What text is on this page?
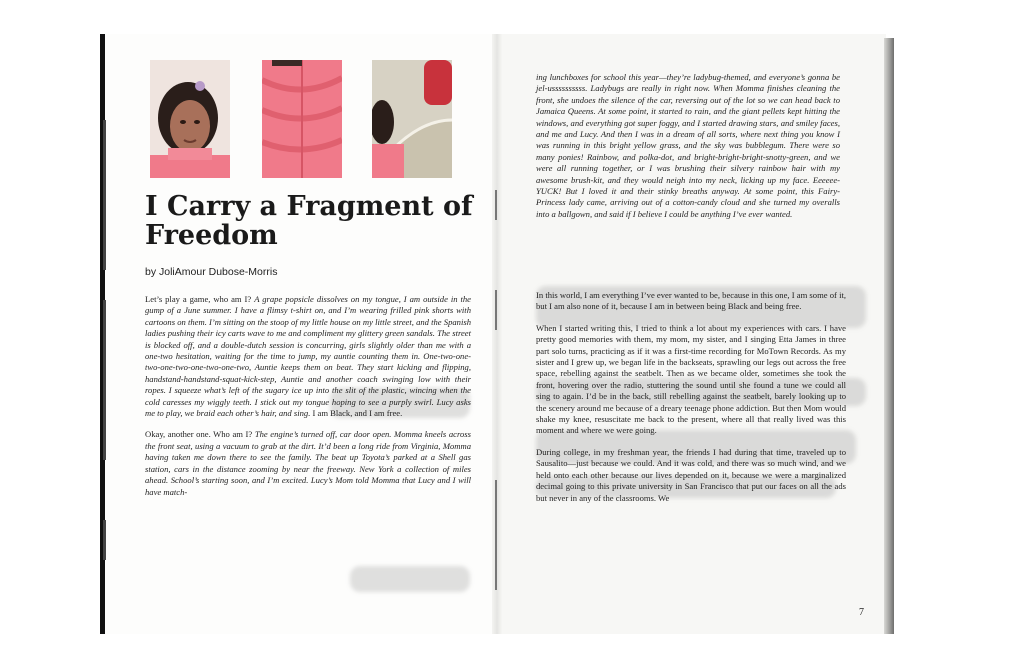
I Carry a Fragment of Freedom
by JoliAmour Dubose-Morris

Let’s play a game, who am I? A grape popsicle dissolves on my tongue, I am outside in the gump of a June summer. I have a flimsy t-shirt on, and I’m wearing frilled pink shorts with cartoons on them. I’m sitting on the stoop of my little house on my little street, and the Spanish ladies pushing their icy carts wave to me and compliment my glittery green sandals. The street is blocked off, and a double-dutch session is concurring, girls slightly older than me with a one-two hesitation, waiting for the time to jump, my auntie counting them in. One-two-one-two-one-two-one-two-one-two, Auntie keeps them on beat. They start kicking and flipping, handstand-handstand-squat-kick-step, Auntie and another coach swinging low with their ropes. I squeeze what’s left of the sugary ice up into the slit of the plastic, wincing when the cold caresses my wiggly teeth. I stick out my tongue hoping to see a purply swirl. Lucy asks me to play, we braid each other’s hair, and sing. I am Black, and I am free.

Okay, another one. Who am I? The engine’s turned off, car door open. Momma kneels across the front seat, using a vacuum to grab at the dirt. It’d been a long ride from Virginia, Momma having taken me down there to see the family. The beat up Toyota’s parked at a Shell gas station, cars in the distance zooming by near the freeway. New York a collection of miles ahead. School’s starting soon, and I’m excited. Lucy’s Mom told Momma that Lucy and I will have match-

ing lunchboxes for school this year—they’re ladybug-themed, and everyone’s gonna be jel-ussssssssss. Ladybugs are really in right now. When Momma finishes cleaning the front, she undoes the silence of the car, reversing out of the lot so we can head back to Jamaica Queens. At some point, it started to rain, and the giant pellets kept hitting the windows, and everything got super foggy, and I started drawing stars, and smiley faces, and me and Lucy. And then I was in a dream of all sorts, where next thing you know I was running in this bright yellow grass, and the sky was bubblegum. There were so many ponies! Rainbow, and polka-dot, and bright-bright-bright-snotty-green, and we were all running together, or I was brushing their silvery rainbow hair with my awesome brush-kit, and they would neigh into my neck, licking up my face. Eeeeee-YUCK! But I loved it and their stinky breaths anyway. At some point, this Fairy-Princess lady came, arriving out of a cotton-candy cloud and she turned my overalls into a ballgown, and said if I believe I could be anything I’ve ever wanted.

In this world, I am everything I’ve ever wanted to be, because in this one, I am some of it, but I am also none of it, because I am in between being Black and being free.

When I started writing this, I tried to think a lot about my experiences with cars. I have pretty good memories with them, my mom, my sister, and I singing Etta James in three part solo turns, practicing as if it was a first-time recording for MoTown Records. As my sister and I grew up, we began life in the backseats, sprawling our legs out across the free space, rebelling against the seatbelt. Then as we became older, sometimes she took the front, hovering over the radio, stuttering the sound until she found a tune we could all sing to again. I’d be in the back, still rebelling against the seatbelt, barely looking up to the scenery around me because of a dreary teenage phone addiction. But then Mom would shake my knee, resuscitate me back to the present, where all that really lived was this moment and where we were going.

During college, in my freshman year, the friends I had during that time, traveled up to Sausalito—just because we could. And it was cold, and there was so much wind, and we held onto each other because our lives depended on it, because we were a marginalized decimal going to this private university in San Francisco that put our faces on all the ads but never in any of the classrooms. We

7
